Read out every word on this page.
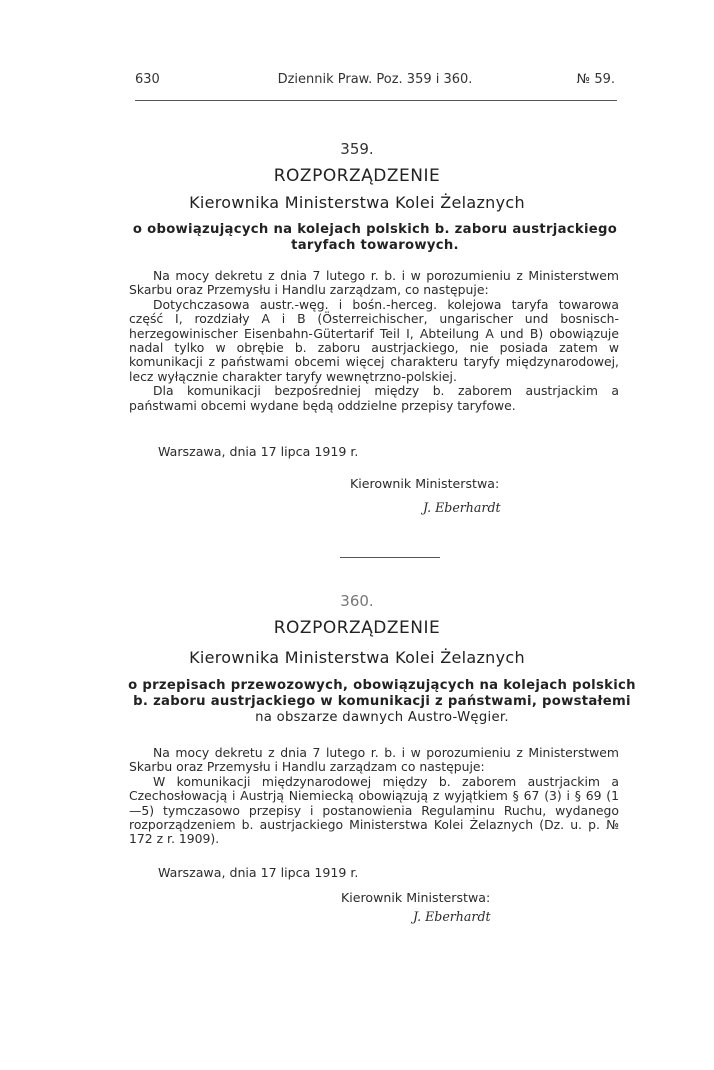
630	Dziennik Praw. Poz. 359 i 360.	№ 59.
359.
ROZPORZĄDZENIE
Kierownika Ministerstwa Kolei Żelaznych
o obowiązujących na kolejach polskich b. zaboru austrjackiego
taryfach towarowych.

Na mocy dekretu z dnia 7 lutego r. b. i w porozumieniu z Ministerstwem Skarbu oraz Przemysłu i Handlu zarządzam, co następuje:

Dotychczasowa austr.-węg. i bośn.-herceg. kolejowa taryfa towarowa część I, rozdziały A i B (Österreichischer, ungarischer und bosnisch-herzegowinischer Eisenbahn-Gütertarif Teil I, Abteilung A und B) obowiązuje nadal tylko w obrębie b. zaboru austrjackiego, nie posiada zatem w komunikacji z państwami obcemi więcej charakteru taryfy międzynarodowej, lecz wyłącznie charakter taryfy wewnętrzno-polskiej.

Dla komunikacji bezpośredniej między b. zaborem austrjackim a państwami obcemi wydane będą oddzielne przepisy taryfowe.

Warszawa, dnia 17 lipca 1919 r.
Kierownik Ministerstwa:
J. Eberhardt
360.
ROZPORZĄDZENIE
Kierownika Ministerstwa Kolei Żelaznych
o przepisach przewozowych, obowiązujących na kolejach polskich
b. zaboru austrjackiego w komunikacji z państwami, powstałemi
na obszarze dawnych Austro-Węgier.

Na mocy dekretu z dnia 7 lutego r. b. i w porozumieniu z Ministerstwem Skarbu oraz Przemysłu i Handlu zarządzam co następuje:

W komunikacji międzynarodowej między b. zaborem austrjackim a Czechosłowacją i Austrją Niemiecką obowiązują z wyjątkiem § 67 (3) i § 69 (1—5) tymczasowo przepisy i postanowienia Regulaminu Ruchu, wydanego rozporządzeniem b. austrjackiego Ministerstwa Kolei Żelaznych (Dz. u. p. № 172 z r. 1909).

Warszawa, dnia 17 lipca 1919 r.
Kierownik Ministerstwa:
J. Eberhardt
